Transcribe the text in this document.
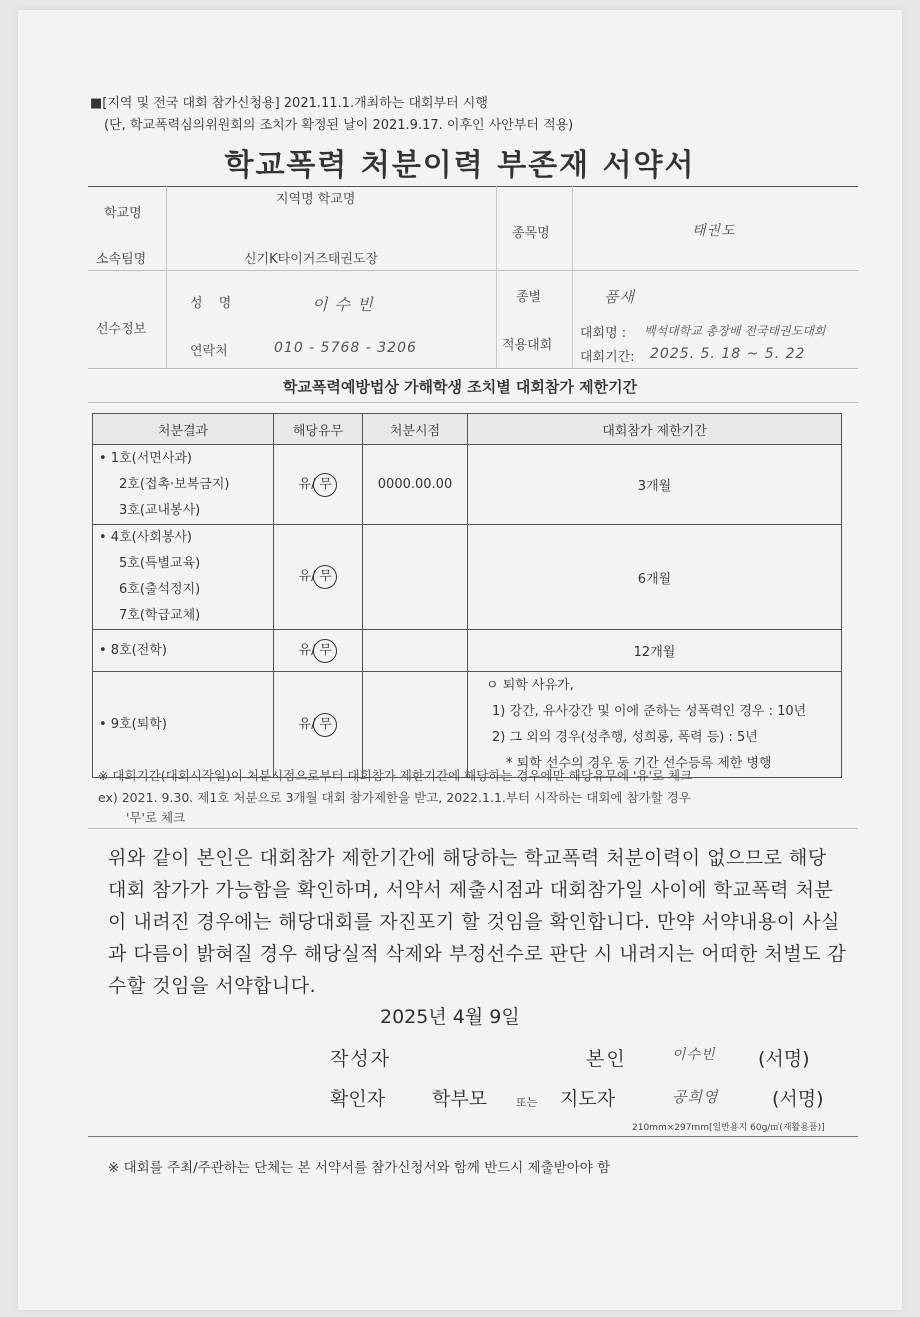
■[지역 및 전국 대회 참가신청용] 2021.11.1.개최하는 대회부터 시행
(단, 학교폭력심의위원회의 조치가 확정된 날이 2021.9.17. 이후인 사안부터 적용)
학교폭력 처분이력 부존재 서약서
학교명
지역명 학교명
소속팀명	신기K타이거즈태권도장
종목명	태권도
선수정보
성 명	이 수 빈
연락처	010 - 5768 - 3206
종별	품새
적용대회
대회명 : 백석대학교 총장배 전국태권도대회
대회기간: 2025. 5. 18 ~ 5. 22
학교폭력예방법상 가해학생 조치별 대회참가 제한기간
처분결과	해당유무	처분시점	대회참가 제한기간

• 1호(서면사과)
2호(접촉·보복금지)
3호(교내봉사)	유/ 무	0000.00.00	3개월

• 4호(사회봉사)
5호(특별교육)
6호(출석정지)
7호(학급교체)	유/ 무		6개월

• 8호(전학)	유/ 무		12개월

• 9호(퇴학)	유/ 무		ㅇ 퇴학 사유가,
1) 강간, 유사강간 및 이에 준하는 성폭력인 경우 : 10년
2) 그 외의 경우(성추행, 성희롱, 폭력 등) : 5년
* 퇴학 선수의 경우 동 기간 선수등록 제한 병행
※ 대회기간(대회시작일)이 처분시점으로부터 대회참가 제한기간에 해당하는 경우에만 해당유무에 '유'로 체크
ex) 2021. 9.30. 제1호 처분으로 3개월 대회 참가제한을 받고, 2022.1.1.부터 시작하는 대회에 참가할 경우
'무'로 체크
위와 같이 본인은 대회참가 제한기간에 해당하는 학교폭력 처분이력이 없으므로 해당 대회 참가가 가능함을 확인하며, 서약서 제출시점과 대회참가일 사이에 학교폭력 처분이 내려진 경우에는 해당대회를 자진포기 할 것임을 확인합니다. 만약 서약내용이 사실과 다름이 밝혀질 경우 해당실적 삭제와 부정선수로 판단 시 내려지는 어떠한 처벌도 감수할 것임을 서약합니다.
2025년 4월 9일
작성자	본인	이수빈 (서명)
확인자 학부모	또는 지도자	공희영	(서명)
210mm×297mm[일반용지 60g/㎡(재활용품)]
※ 대회를 주최/주관하는 단체는 본 서약서를 참가신청서와 함께 반드시 제출받아야 함
